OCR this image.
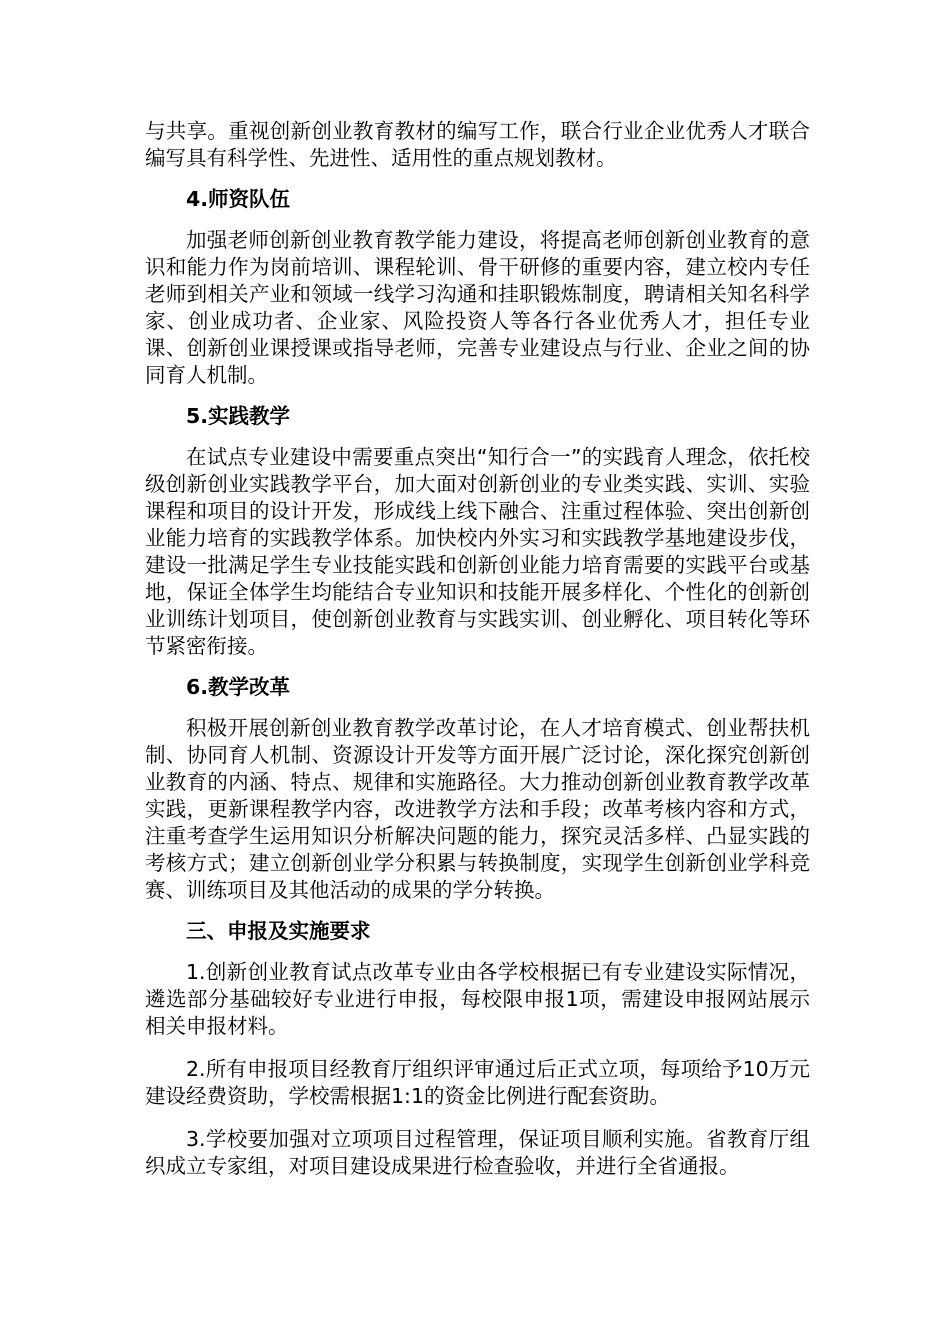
与共享。重视创新创业教育教材的编写工作，联合行业企业优秀人才联合编写具有科学性、先进性、适用性的重点规划教材。

4.师资队伍

加强老师创新创业教育教学能力建设，将提高老师创新创业教育的意识和能力作为岗前培训、课程轮训、骨干研修的重要内容，建立校内专任老师到相关产业和领域一线学习沟通和挂职锻炼制度，聘请相关知名科学家、创业成功者、企业家、风险投资人等各行各业优秀人才，担任专业课、创新创业课授课或指导老师，完善专业建设点与行业、企业之间的协同育人机制。

5.实践教学

在试点专业建设中需要重点突出“知行合一”的实践育人理念，依托校级创新创业实践教学平台，加大面对创新创业的专业类实践、实训、实验课程和项目的设计开发，形成线上线下融合、注重过程体验、突出创新创业能力培育的实践教学体系。加快校内外实习和实践教学基地建设步伐，建设一批满足学生专业技能实践和创新创业能力培育需要的实践平台或基地，保证全体学生均能结合专业知识和技能开展多样化、个性化的创新创业训练计划项目，使创新创业教育与实践实训、创业孵化、项目转化等环节紧密衔接。

6.教学改革

积极开展创新创业教育教学改革讨论，在人才培育模式、创业帮扶机制、协同育人机制、资源设计开发等方面开展广泛讨论，深化探究创新创业教育的内涵、特点、规律和实施路径。大力推动创新创业教育教学改革实践，更新课程教学内容，改进教学方法和手段；改革考核内容和方式，注重考查学生运用知识分析解决问题的能力，探究灵活多样、凸显实践的考核方式；建立创新创业学分积累与转换制度，实现学生创新创业学科竞赛、训练项目及其他活动的成果的学分转换。

三、申报及实施要求

1.创新创业教育试点改革专业由各学校根据已有专业建设实际情况，遴选部分基础较好专业进行申报，每校限申报1项，需建设申报网站展示相关申报材料。

2.所有申报项目经教育厅组织评审通过后正式立项，每项给予10万元建设经费资助，学校需根据1:1的资金比例进行配套资助。

3.学校要加强对立项项目过程管理，保证项目顺利实施。省教育厅组织成立专家组，对项目建设成果进行检查验收，并进行全省通报。
